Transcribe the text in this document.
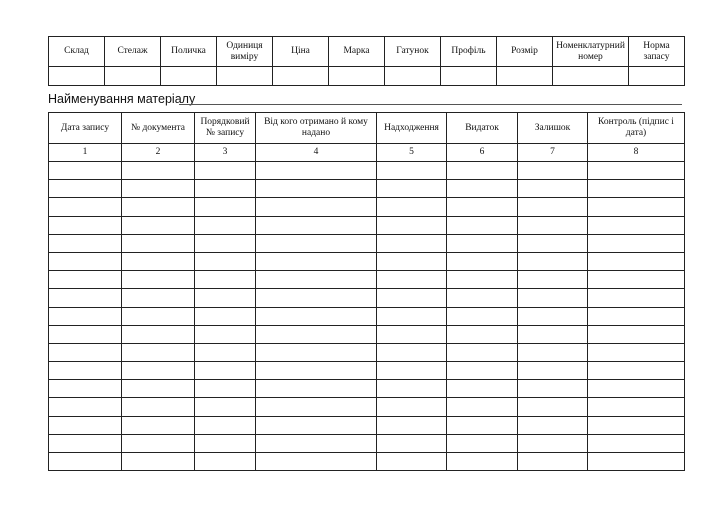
Склад	Стелаж	Поличка	Одиниця виміру	Ціна	Марка	Гатунок	Профіль	Розмір	Номенклатурний номер	Норма запасу

Найменування матеріалу
Дата запису	№ документа	Порядковий № запису	Від кого отримано й кому надано	Надходження	Видаток	Залишок	Контроль (підпис і дата)
1	2	3	4	5	6	7	8
